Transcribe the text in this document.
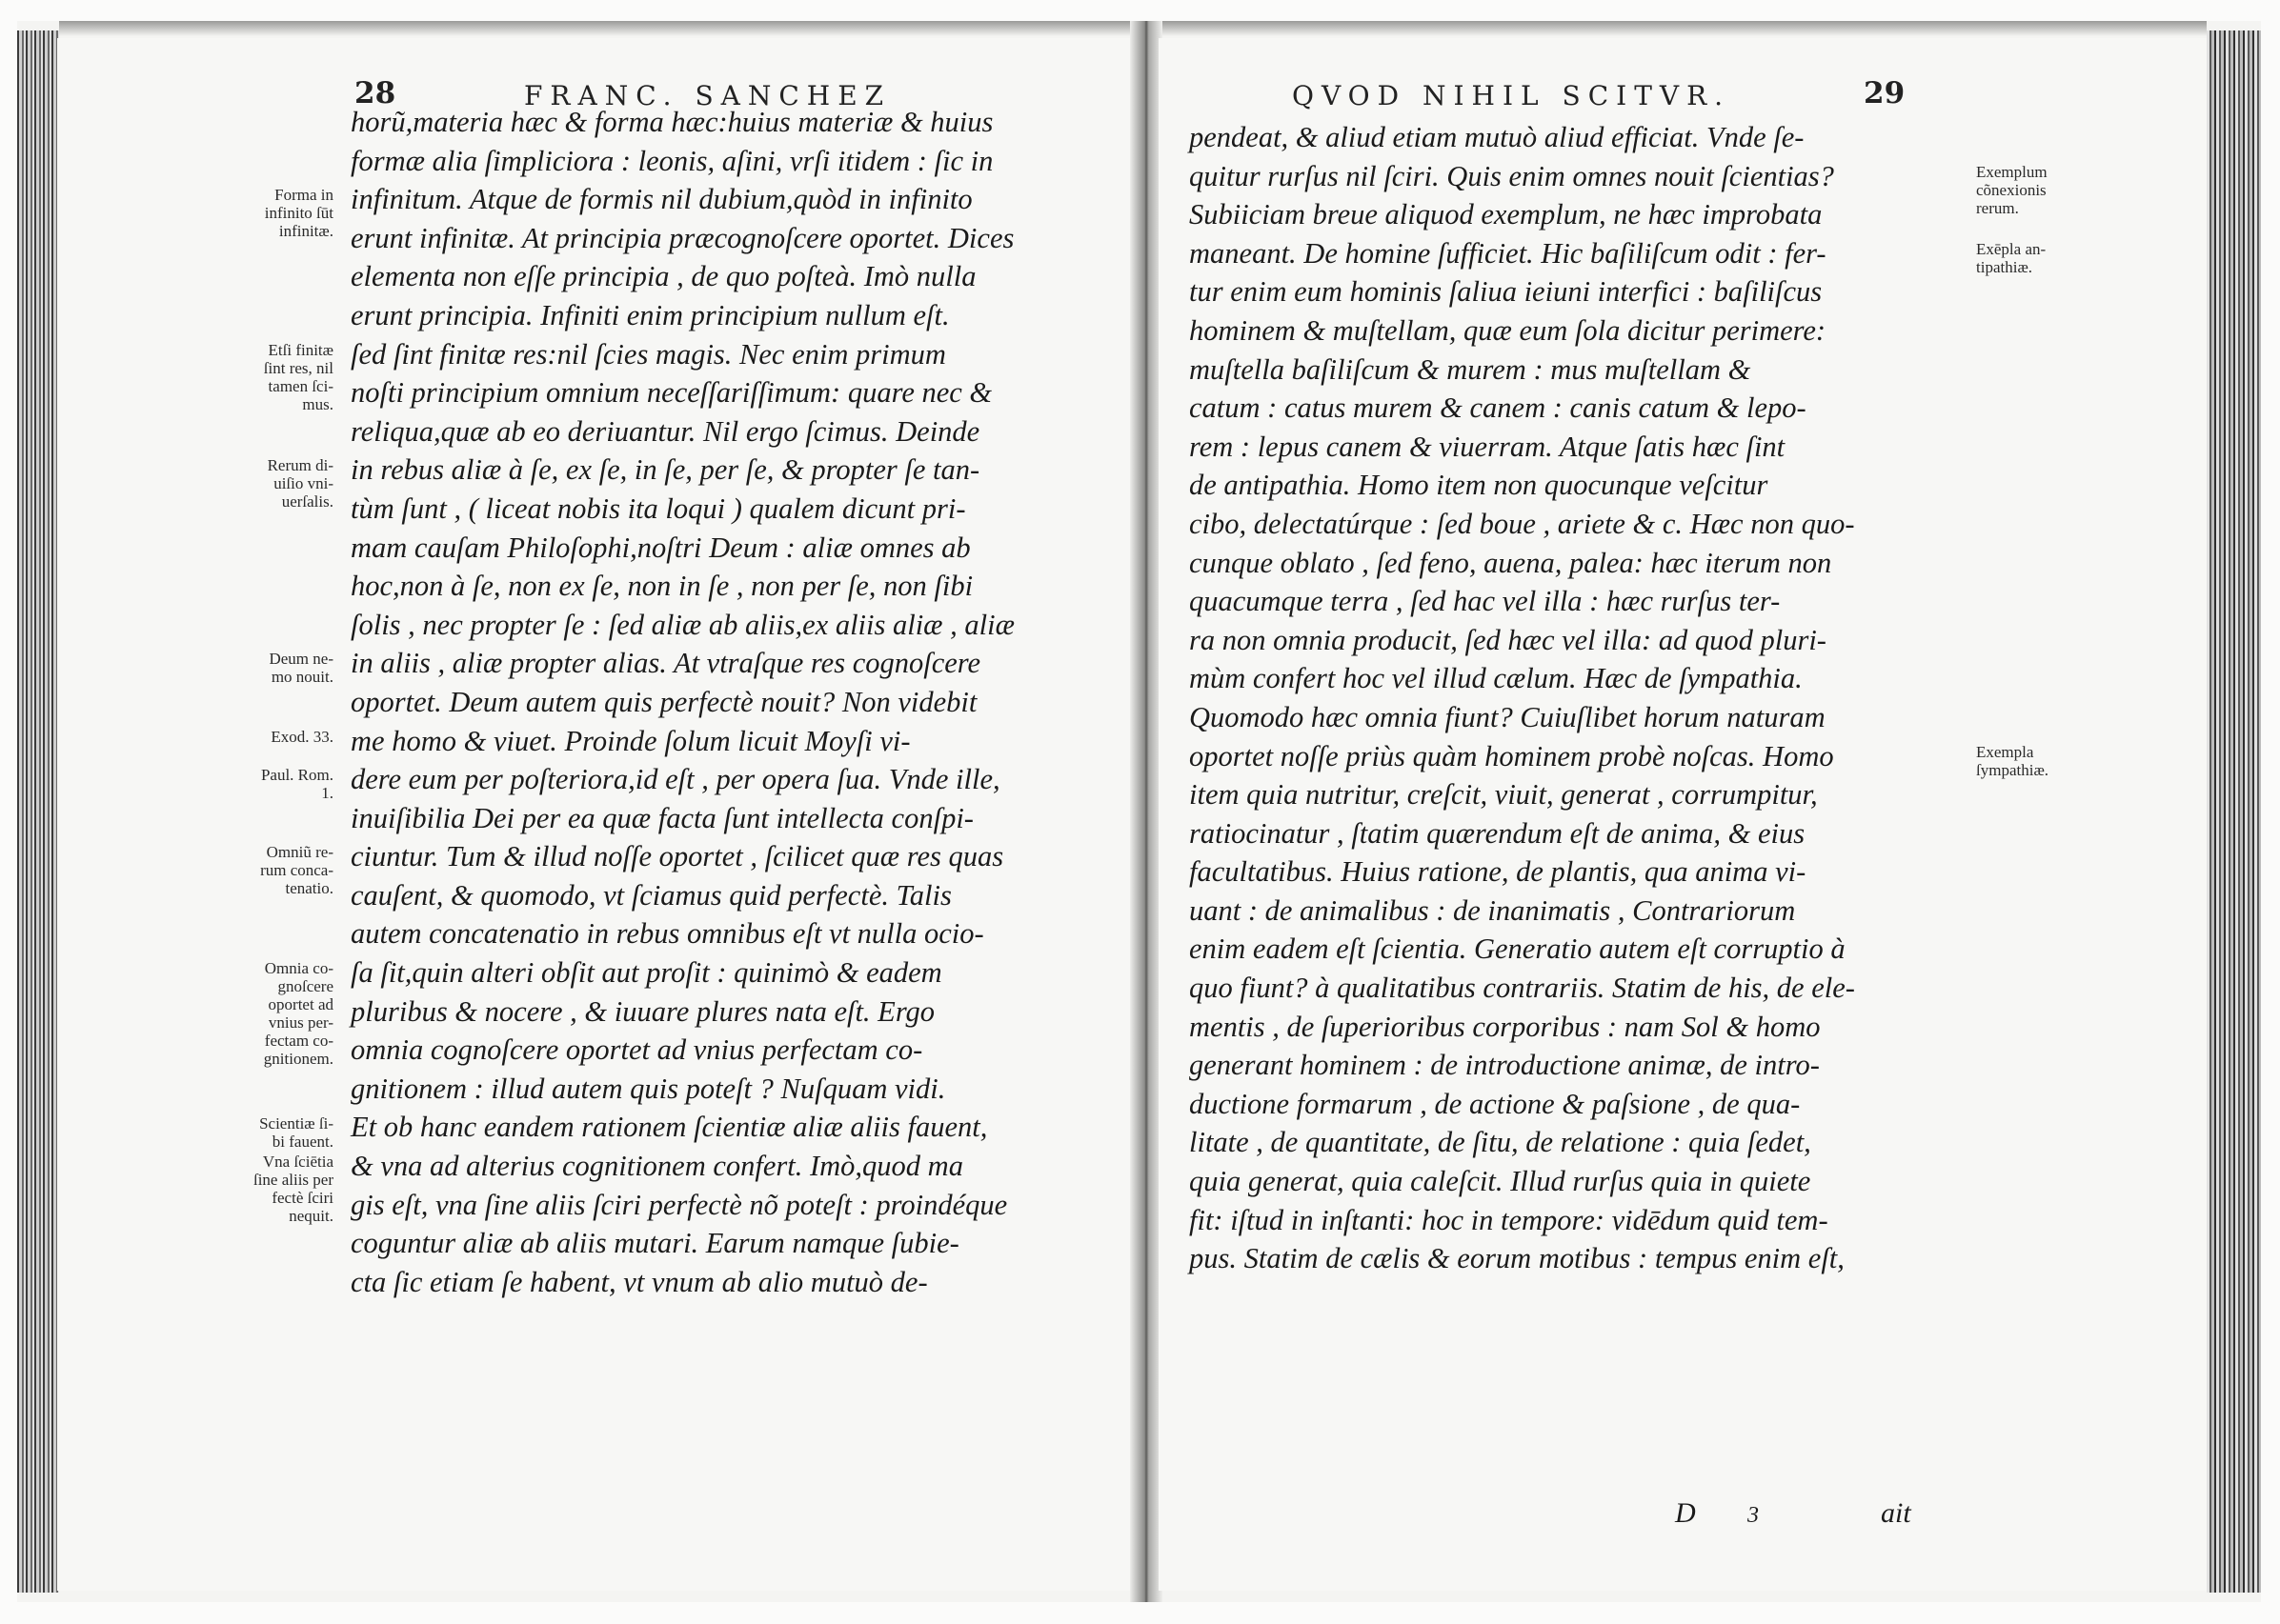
28	FRANC. SANCHEZ
horũ,materia hæc & forma hæc:huius materiæ & huius
formæ alia ſimpliciora : leonis, aſini, vrſi itidem : ſic in
infinitum. Atque de formis nil dubium,quòd in infinito
erunt infinitæ. At principia præcognoſcere oportet. Dices
elementa non eſſe principia , de quo poſteà. Imò nulla
erunt principia. Infiniti enim principium nullum eſt.
ſed ſint finitæ res:nil ſcies magis. Nec enim primum
noſti principium omnium neceſſariſſimum: quare nec &
reliqua,quæ ab eo deriuantur. Nil ergo ſcimus. Deinde
in rebus aliæ à ſe, ex ſe, in ſe, per ſe, & propter ſe tan-
tùm ſunt , ( liceat nobis ita loqui ) qualem dicunt pri-
mam cauſam Philoſophi,noſtri Deum : aliæ omnes ab
hoc,non à ſe, non ex ſe, non in ſe , non per ſe, non ſibi
ſolis , nec propter ſe : ſed aliæ ab aliis,ex aliis aliæ , aliæ
in aliis , aliæ propter alias. At vtraſque res cognoſcere
oportet. Deum autem quis perfectè nouit? Non videbit
me homo & viuet. Proinde ſolum licuit Moyſi vi-
dere eum per poſteriora,id eſt , per opera ſua. Vnde ille,
inuiſibilia Dei per ea quæ facta ſunt intellecta conſpi-
ciuntur. Tum & illud noſſe oportet , ſcilicet quæ res quas
cauſent, & quomodo, vt ſciamus quid perfectè. Talis
autem concatenatio in rebus omnibus eſt vt nulla ocio-
ſa ſit,quin alteri obſit aut proſit : quinimò & eadem
pluribus & nocere , & iuuare plures nata eſt. Ergo
omnia cognoſcere oportet ad vnius perfectam co-
gnitionem : illud autem quis poteſt ? Nuſquam vidi.
Et ob hanc eandem rationem ſcientiæ aliæ aliis fauent,
& vna ad alterius cognitionem confert. Imò,quod ma
gis eſt, vna ſine aliis ſciri perfectè nõ poteſt : proindéque
coguntur aliæ ab aliis mutari. Earum namque ſubie-
cta ſic etiam ſe habent, vt vnum ab alio mutuò de-
Forma in
infinito ſūt
infinitæ.
Etſi finitæ
ſint res, nil
tamen ſci-
mus.
Rerum di-
uiſio vni-
uerſalis.
Deum ne-
mo nouit.
Exod. 33.
Paul. Rom.
1.
Omniũ re-
rum conca-
tenatio.
Omnia co-
gnoſcere
oportet ad
vnius per-
fectam co-
gnitionem.
Scientiæ ſi-
bi fauent.
Vna ſciētia
ſine aliis per
fectè ſciri
nequit.
QVOD NIHIL SCITVR.	29
pendeat, & aliud etiam mutuò aliud efficiat. Vnde ſe-
quitur rurſus nil ſciri. Quis enim omnes nouit ſcientias?
Subiiciam breue aliquod exemplum, ne hæc improbata
maneant. De homine ſufficiet. Hic baſiliſcum odit : fer-
tur enim eum hominis ſaliua ieiuni interfici : baſiliſcus
hominem & muſtellam, quæ eum ſola dicitur perimere:
muſtella baſiliſcum & murem : mus muſtellam &
catum : catus murem & canem : canis catum & lepo-
rem : lepus canem & viuerram. Atque ſatis hæc ſint
de antipathia. Homo item non quocunque veſcitur
cibo, delectatúrque : ſed boue , ariete & c. Hæc non quo-
cunque oblato , ſed feno, auena, palea: hæc iterum non
quacumque terra , ſed hac vel illa : hæc rurſus ter-
ra non omnia producit, ſed hæc vel illa: ad quod pluri-
mùm confert hoc vel illud cælum. Hæc de ſympathia.
Quomodo hæc omnia fiunt? Cuiuſlibet horum naturam
oportet noſſe priùs quàm hominem probè noſcas. Homo
item quia nutritur, creſcit, viuit, generat , corrumpitur,
ratiocinatur , ſtatim quærendum eſt de anima, & eius
facultatibus. Huius ratione, de plantis, qua anima vi-
uant : de animalibus : de inanimatis , Contrariorum
enim eadem eſt ſcientia. Generatio autem eſt corruptio à
quo fiunt? à qualitatibus contrariis. Statim de his, de ele-
mentis , de ſuperioribus corporibus : nam Sol & homo
generant hominem : de introductione animæ, de intro-
ductione formarum , de actione & paſsione , de qua-
litate , de quantitate, de ſitu, de relatione : quia ſedet,
quia generat, quia caleſcit. Illud rurſus quia in quiete
fit: iſtud in inſtanti: hoc in tempore: vidēdum quid tem-
pus. Statim de cælis & eorum motibus : tempus enim eſt,
Exemplum
cõnexionis
rerum.
Exēpla an-
tipathiæ.
Exempla
ſympathiæ.
D 3	ait
